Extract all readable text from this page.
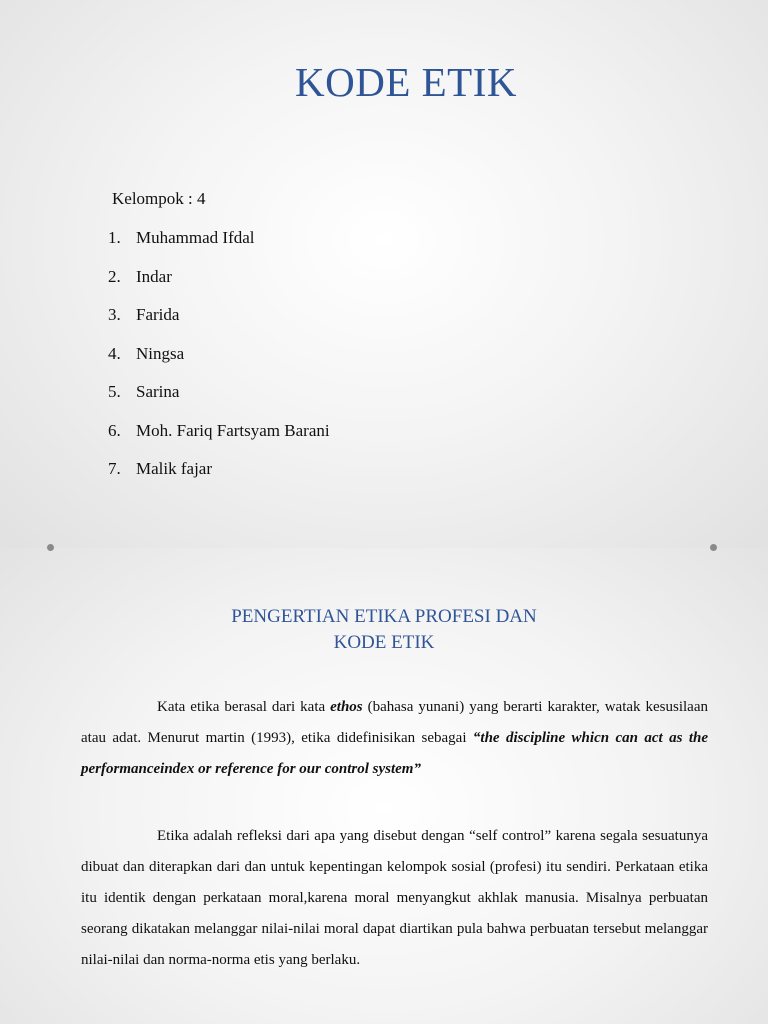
KODE ETIK
Kelompok : 4
1. Muhammad Ifdal
2. Indar
3. Farida
4. Ningsa
5. Sarina
6. Moh. Fariq Fartsyam Barani
7. Malik fajar
PENGERTIAN ETIKA PROFESI DAN
KODE ETIK

Kata etika berasal dari kata ethos (bahasa yunani) yang berarti karakter, watak kesusilaan atau adat. Menurut martin (1993), etika didefinisikan sebagai “the discipline whicn can act as the performanceindex or reference for our control system”

Etika adalah refleksi dari apa yang disebut dengan “self control” karena segala sesuatunya dibuat dan diterapkan dari dan untuk kepentingan kelompok sosial (profesi) itu sendiri. Perkataan etika itu identik dengan perkataan moral,karena moral menyangkut akhlak manusia. Misalnya perbuatan seorang dikatakan melanggar nilai-nilai moral dapat diartikan pula bahwa perbuatan tersebut melanggar nilai-nilai dan norma-norma etis yang berlaku.
